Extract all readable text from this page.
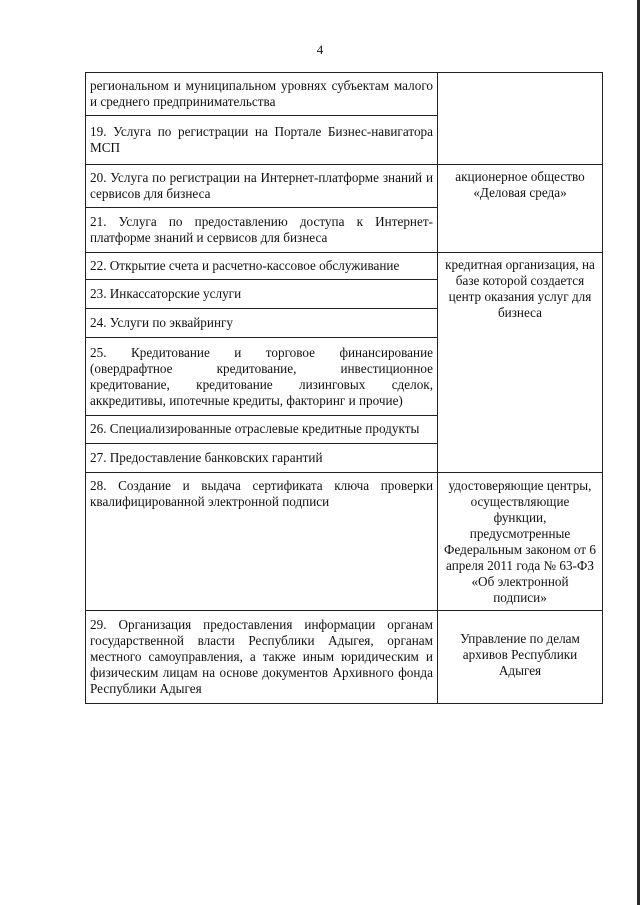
4
региональном и муниципальном уровнях субъектам малого и среднего предпринимательства	

19. Услуга по регистрации на Портале Бизнес-навигатора МСП	

20. Услуга по регистрации на Интернет-платформе знаний и сервисов для бизнеса	акционерное общество «Деловая среда»

21. Услуга по предоставлению доступа к Интернет-платформе знаний и сервисов для бизнеса	

22. Открытие счета и расчетно-кассовое обслуживание	кредитная организация, на базе которой создается центр оказания услуг для бизнеса

23. Инкассаторские услуги	

24. Услуги по эквайрингу	

25. Кредитование и торговое финансирование (овердрафтное кредитование, инвестиционное кредитование, кредитование лизинговых сделок, аккредитивы, ипотечные кредиты, факторинг и прочие)	

26. Специализированные отраслевые кредитные продукты	

27. Предоставление банковских гарантий	

28. Создание и выдача сертификата ключа проверки квалифицированной электронной подписи	удостоверяющие центры, осуществляющие функции, предусмотренные Федеральным законом от 6 апреля 2011 года № 63-ФЗ «Об электронной подписи»

29. Организация предоставления информации органам государственной власти Республики Адыгея, органам местного самоуправления, а также иным юридическим и физическим лицам на основе документов Архивного фонда Республики Адыгея	Управление по делам архивов Республики Адыгея
